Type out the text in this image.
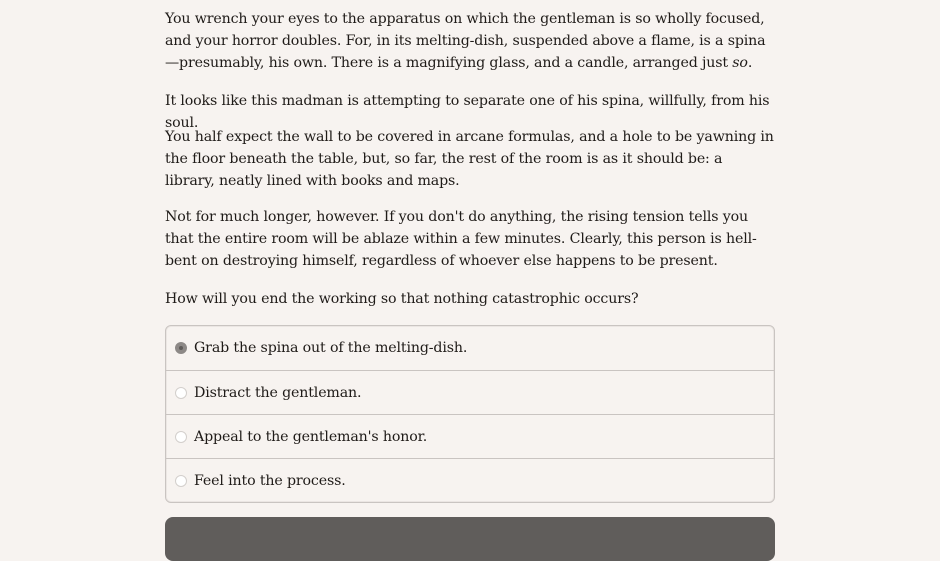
You wrench your eyes to the apparatus on which the gentleman is so wholly focused, and your horror doubles. For, in its melting-dish, suspended above a flame, is a spina—presumably, his own. There is a magnifying glass, and a candle, arranged just so.

It looks like this madman is attempting to separate one of his spina, willfully, from his soul.

You half expect the wall to be covered in arcane formulas, and a hole to be yawning in the floor beneath the table, but, so far, the rest of the room is as it should be: a library, neatly lined with books and maps.

Not for much longer, however. If you don't do anything, the rising tension tells you that the entire room will be ablaze within a few minutes. Clearly, this person is hell-bent on destroying himself, regardless of whoever else happens to be present.

How will you end the working so that nothing catastrophic occurs?

Grab the spina out of the melting-dish.
Distract the gentleman.
Appeal to the gentleman's honor.
Feel into the process.
